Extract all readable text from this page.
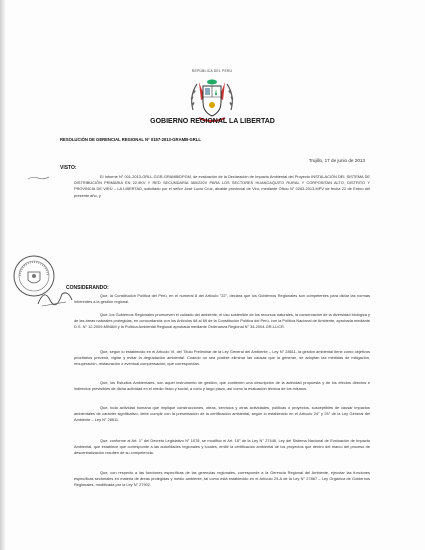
REPÚBLICA DEL PERÚ
GOBIERNO REGIONAL LA LIBERTAD
RESOLUCIÓN DE GERENCIAL REGIONAL N° 0157-2013-GRAMB-GRLL
Trujillo, 17 de junio de 2013
VISTO:
El Informe N° 001-2013-GRLL-GGR-GRAMB/DPGM, de evaluación de la Declaración de Impacto Ambiental del Proyecto INSTALACIÓN DEL SISTEMA DE DISTRIBUCIÓN PRIMARIA EN 22.9KV Y RED SECUNDARIA 380/220V PARA LOS SECTORES HUANCAQUITO RURAL Y CORPOSITAN ALTO, DISTRITO Y PROVINCIA DE VIRÚ – LA LIBERTAD, solicitado por el señor José Lucio Cruz, alcalde provincial de Virú, mediante Oficio N° 0263-2013-MPV de fecha 22 de Enero del presente año, y
CONSIDERANDO:
Que, la Constitución Política del Perú, en el numeral 8 del Artículo "22", declara que los Gobiernos Regionales son competentes para dictar las normas inherentes a la gestión regional.
Que, los Gobiernos Regionales promueven el cuidado del ambiente, el uso sostenible de los recursos naturales, la conservación de la diversidad biológica y de las áreas naturales protegidas, en concordancia con los Artículos 68 al 69 de la Constitución Política del Perú, con la Política Nacional de Ambiente, aprobada mediante D.S. N° 12-2009-MINAM y la Política Ambiental Regional aprobada mediante Ordenanza Regional N° 34-2004-GR-LL/CR.
Que, según lo establecido en el Artículo VI, del Título Preliminar de la Ley General del Ambiente – Ley N° 28611, la gestión ambiental tiene como objetivos prioritarios prevenir, vigilar y evitar la degradación ambiental. Cuando no sea posible eliminar las causas que la generan, se adoptan las medidas de mitigación, recuperación, restauración o eventual compensación, que correspondan.
Que, los Estudios Ambientales, son aquel instrumento de gestión, que contienen una descripción de la actividad propuesta y de los efectos directos e indirectos previsibles de dicha actividad en el medio físico y social, a corto y largo plazo, así como la evaluación técnica de los mismos.
Que, toda actividad humana que implique construcciones, obras, servicios y otras actividades, políticas o proyectos, susceptibles de causar impactos ambientales de carácter significativo, debe cumplir con la presentación de la certificación ambiental, según lo establecido en el Artículo 24° y 25° de la Ley General del Ambiente – Ley N° 28611.
Que, conforme al Art. 1° del Decreto Legislativo N° 1078, se modificó el Art. 18° de la Ley N° 27446, Ley del Sistema Nacional de Evaluación de Impacto Ambiental, que establece que corresponde a las autoridades regionales y locales, emitir la certificación ambiental de los proyectos que dentro del marco del proceso de descentralización resulten de su competencia.
Que, con respecto a las funciones específicas de las gerencias regionales, corresponde a la Gerencia Regional del Ambiente, ejecutar las funciones específicas sectoriales en materia de áreas protegidas y medio ambiente, tal como está establecido en el Artículo 29-A de la Ley N° 27867 – Ley Orgánica de Gobiernos Regionales, modificada por la Ley N° 27902.
